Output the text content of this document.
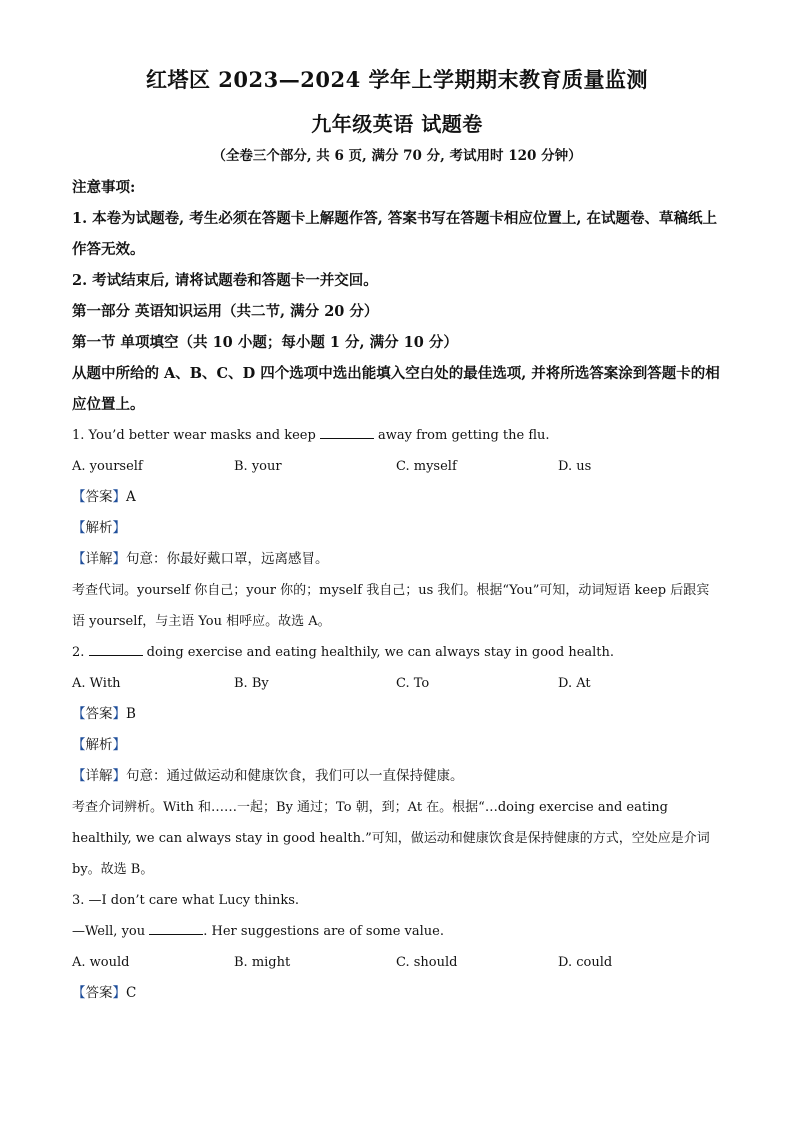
红塔区 2023—2024 学年上学期期末教育质量监测
九年级英语 试题卷
（全卷三个部分, 共 6 页, 满分 70 分, 考试用时 120 分钟）
注意事项:
1. 本卷为试题卷, 考生必须在答题卡上解题作答, 答案书写在答题卡相应位置上, 在试题卷、草稿纸上作答无效。
2. 考试结束后, 请将试题卷和答题卡一并交回。
第一部分 英语知识运用（共二节, 满分 20 分）
第一节 单项填空（共 10 小题；每小题 1 分, 满分 10 分）
从题中所给的 A、B、C、D 四个选项中选出能填入空白处的最佳选项, 并将所选答案涂到答题卡的相应位置上。
1. You’d better wear masks and keep	away from getting the flu.
A. yourself	B. your	C. myself	D. us
【答案】A
【解析】
【详解】句意：你最好戴口罩，远离感冒。
考查代词。yourself 你自己；your 你的；myself 我自己；us 我们。根据“You”可知，动词短语 keep 后跟宾语 yourself，与主语 You 相呼应。故选 A。
2.	doing exercise and eating healthily, we can always stay in good health.
A. With	B. By	C. To	D. At
【答案】B
【解析】
【详解】句意：通过做运动和健康饮食，我们可以一直保持健康。
考查介词辨析。With 和……一起；By 通过；To 朝，到；At 在。根据“…doing exercise and eating healthily, we can always stay in good health.”可知，做运动和健康饮食是保持健康的方式，空处应是介词 by。故选 B。
3. —I don’t care what Lucy thinks.
—Well, you	. Her suggestions are of some value.
A. would	B. might	C. should	D. could
【答案】C
